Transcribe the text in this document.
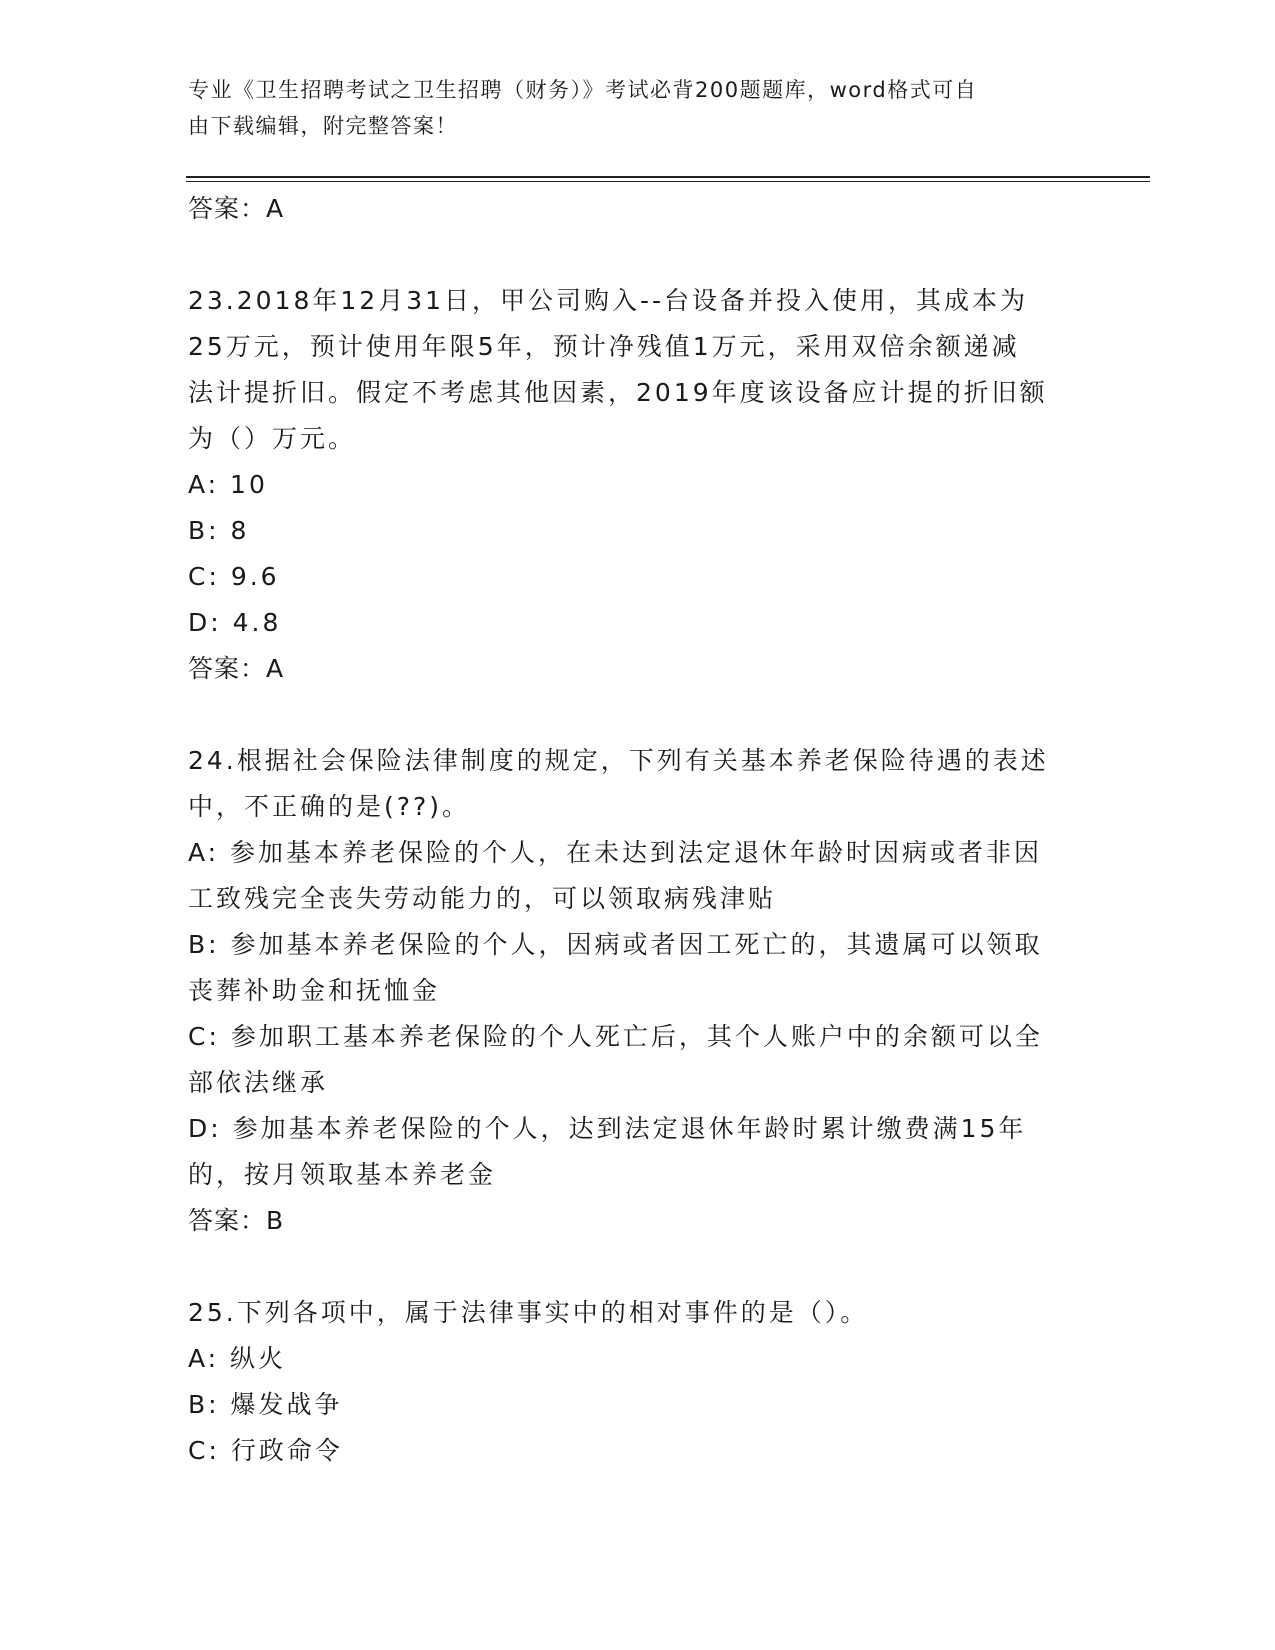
专业《卫生招聘考试之卫生招聘（财务）》考试必背200题题库，word格式可自
由下载编辑，附完整答案！
答案：A
23.2018年12月31日，甲公司购入--台设备并投入使用，其成本为
25万元，预计使用年限5年，预计净残值1万元，采用双倍余额递减
法计提折旧。假定不考虑其他因素，2019年度该设备应计提的折旧额
为（）万元。
A: 10
B: 8
C: 9.6
D: 4.8
答案：A
24.根据社会保险法律制度的规定，下列有关基本养老保险待遇的表述
中，不正确的是(??)。
A: 参加基本养老保险的个人，在未达到法定退休年龄时因病或者非因
工致残完全丧失劳动能力的，可以领取病残津贴
B: 参加基本养老保险的个人，因病或者因工死亡的，其遗属可以领取
丧葬补助金和抚恤金
C: 参加职工基本养老保险的个人死亡后，其个人账户中的余额可以全
部依法继承
D: 参加基本养老保险的个人，达到法定退休年龄时累计缴费满15年
的，按月领取基本养老金
答案：B
25.下列各项中，属于法律事实中的相对事件的是（）。
A: 纵火
B: 爆发战争
C: 行政命令
